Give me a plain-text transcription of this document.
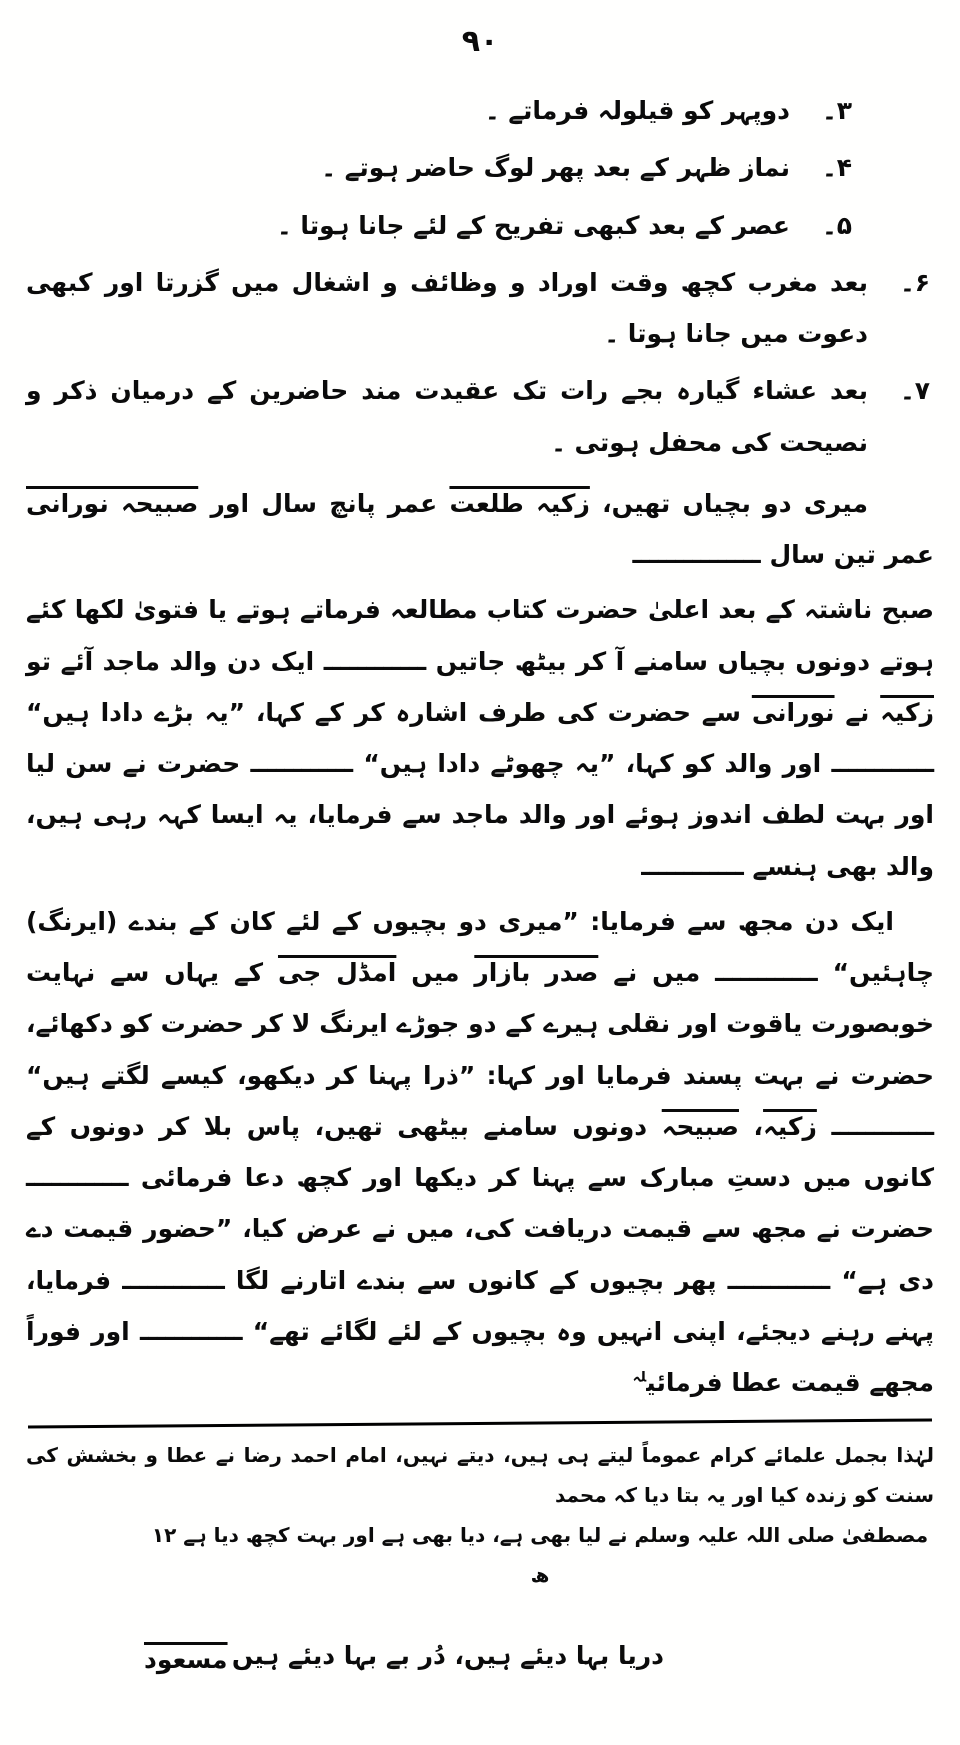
۹۰
۳۔
دوپہر کو قیلولہ فرماتے ۔
۴۔
نماز ظہر کے بعد پھر لوگ حاضر ہوتے ۔
۵۔
عصر کے بعد کبھی تفریح کے لئے جانا ہوتا ۔
۶۔
بعد مغرب کچھ وقت اوراد و وظائف و اشغال میں گزرتا اور کبھی دعوت میں جانا ہوتا ۔
۷۔
بعد عشاء گیارہ بجے رات تک عقیدت مند حاضرین کے درمیان ذکر و نصیحت کی محفل ہوتی ۔

میری دو بچیاں تھیں، زکیہ طلعت عمر پانچ سال اور صبیحہ نورانی عمر تین سال ـــــــــــــــ

صبح ناشتہ کے بعد اعلیٰ حضرت کتاب مطالعہ فرماتے ہوتے یا فتویٰ لکھا کئے ہوتے دونوں بچیاں سامنے آ کر بیٹھ جاتیں ــــــــــــ ایک دن والد ماجد آئے تو زکیہ نے نورانی سے حضرت کی طرف اشارہ کر کے کہا، ”یہ بڑے دادا ہیں“ ــــــــــــ اور والد کو کہا، ”یہ چھوٹے دادا ہیں“ ــــــــــــ حضرت نے سن لیا اور بہت لطف اندوز ہوئے اور والد ماجد سے فرمایا، یہ ایسا کہہ رہی ہیں، والد بھی ہنسے ــــــــــــ

ایک دن مجھ سے فرمایا: ”میری دو بچیوں کے لئے کان کے بندے (ایرنگ) چاہئیں“ ــــــــــــ میں نے صدر بازار میں امڈل جی کے یہاں سے نہایت خوبصورت یاقوت اور نقلی ہیرے کے دو جوڑے ایرنگ لا کر حضرت کو دکھائے، حضرت نے بہت پسند فرمایا اور کہا: ”ذرا پہنا کر دیکھو، کیسے لگتے ہیں“ ــــــــــــ زکیہ، صبیحہ دونوں سامنے بیٹھی تھیں، پاس بلا کر دونوں کے کانوں میں دستِ مبارک سے پہنا کر دیکھا اور کچھ دعا فرمائی ــــــــــــ حضرت نے مجھ سے قیمت دریافت کی، میں نے عرض کیا، ”حضور قیمت دے دی ہے“ ــــــــــــ پھر بچیوں کے کانوں سے بندے اتارنے لگا ــــــــــــ فرمایا، پہنے رہنے دیجئے، اپنی انہیں وہ بچیوں کے لئے لگائے تھے“ ــــــــــــ اور فوراً مجھے قیمت عطا فرمائی$^{لہ}$

لہٰذا بجمل علمائے کرام عموماً لیتے ہی ہیں، دیتے نہیں، امام احمد رضا نے عطا و بخشش کی سنت کو زندہ کیا اور یہ بتا دیا کہ محمد

مصطفیٰ صلی اللہ علیہ وسلم نے لیا بھی ہے، دیا بھی ہے اور بہت کچھ دیا ہے ۱۲ ھ

دریا بہا دیئے ہیں، دُر بے بہا دیئے ہیں
مسعود
